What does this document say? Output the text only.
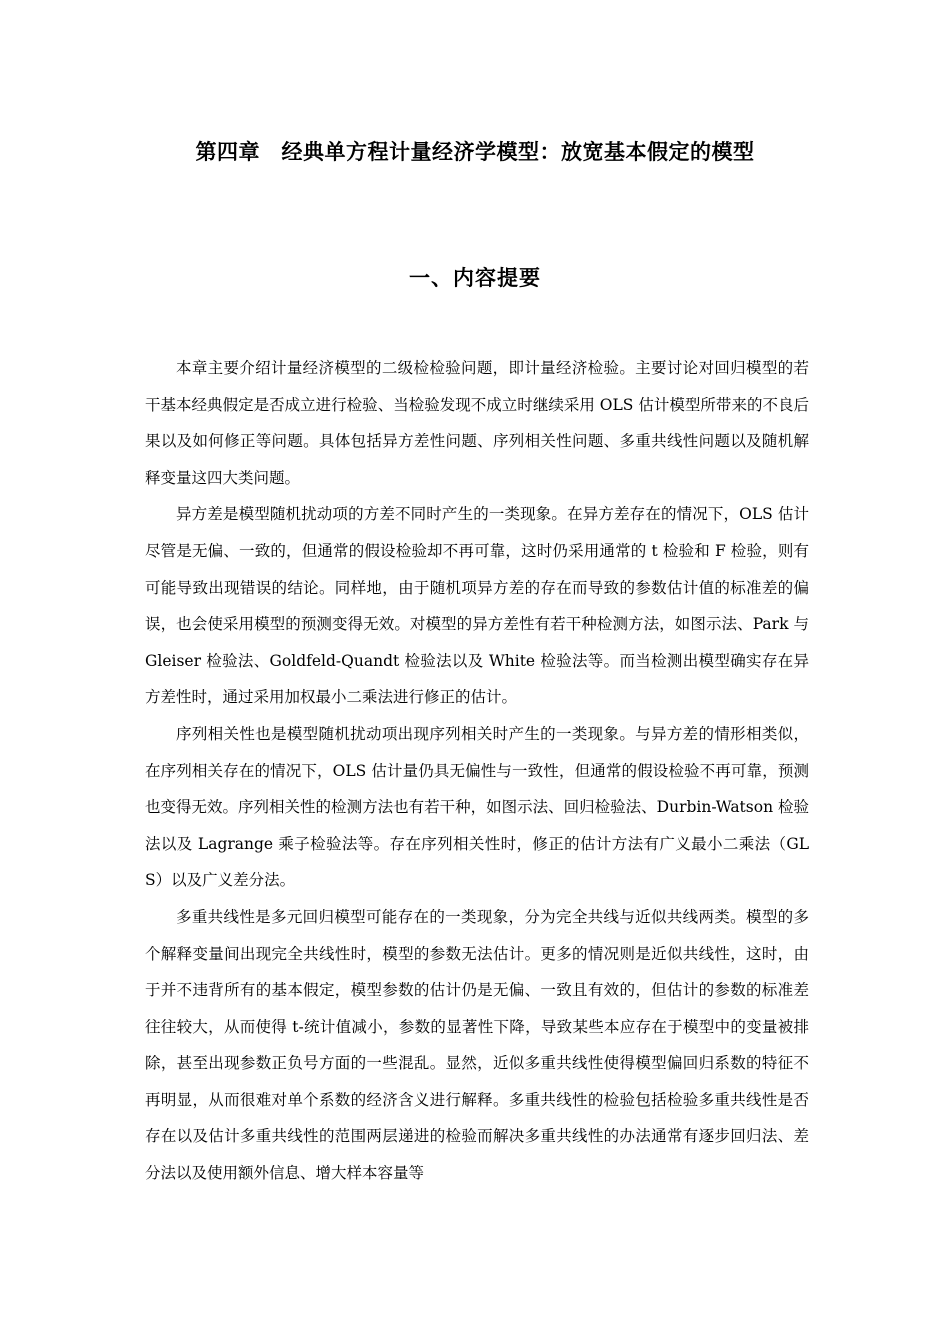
第四章　经典单方程计量经济学模型：放宽基本假定的模型
一、内容提要

本章主要介绍计量经济模型的二级检检验问题，即计量经济检验。主要讨论对回归模型的若干基本经典假定是否成立进行检验、当检验发现不成立时继续采用 OLS 估计模型所带来的不良后果以及如何修正等问题。具体包括异方差性问题、序列相关性问题、多重共线性问题以及随机解释变量这四大类问题。

异方差是模型随机扰动项的方差不同时产生的一类现象。在异方差存在的情况下，OLS 估计尽管是无偏、一致的，但通常的假设检验却不再可靠，这时仍采用通常的 t 检验和 F 检验，则有可能导致出现错误的结论。同样地，由于随机项异方差的存在而导致的参数估计值的标准差的偏误，也会使采用模型的预测变得无效。对模型的异方差性有若干种检测方法，如图示法、Park 与 Gleiser 检验法、Goldfeld-Quandt 检验法以及 White 检验法等。而当检测出模型确实存在异方差性时，通过采用加权最小二乘法进行修正的估计。

序列相关性也是模型随机扰动项出现序列相关时产生的一类现象。与异方差的情形相类似，在序列相关存在的情况下，OLS 估计量仍具无偏性与一致性，但通常的假设检验不再可靠，预测也变得无效。序列相关性的检测方法也有若干种，如图示法、回归检验法、Durbin-Watson 检验法以及 Lagrange 乘子检验法等。存在序列相关性时，修正的估计方法有广义最小二乘法（GLS）以及广义差分法。

多重共线性是多元回归模型可能存在的一类现象，分为完全共线与近似共线两类。模型的多个解释变量间出现完全共线性时，模型的参数无法估计。更多的情况则是近似共线性，这时，由于并不违背所有的基本假定，模型参数的估计仍是无偏、一致且有效的，但估计的参数的标准差往往较大，从而使得 t-统计值减小，参数的显著性下降，导致某些本应存在于模型中的变量被排除，甚至出现参数正负号方面的一些混乱。显然，近似多重共线性使得模型偏回归系数的特征不再明显，从而很难对单个系数的经济含义进行解释。多重共线性的检验包括检验多重共线性是否存在以及估计多重共线性的范围两层递进的检验而解决多重共线性的办法通常有逐步回归法、差分法以及使用额外信息、增大样本容量等
